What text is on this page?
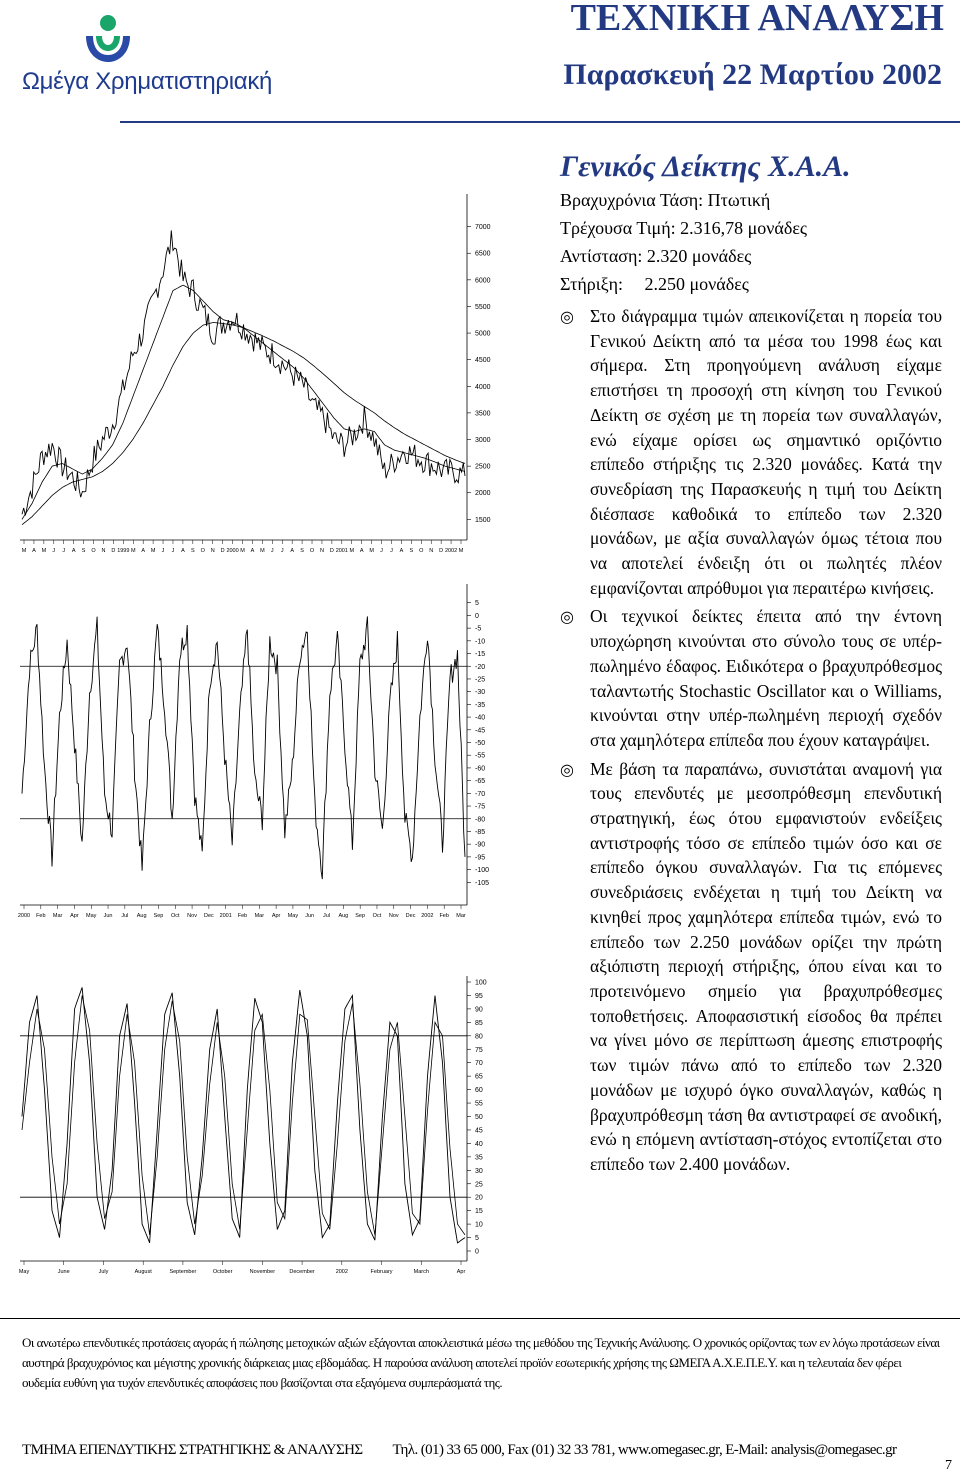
Ωμέγα Χρηματιστηριακή
ΤΕΧΝΙΚΗ ΑΝΑΛΥΣΗ
Παρασκευή 22 Μαρτίου 2002
7000
6500
6000
5500
5000
4500
4000
3500
3000
2500
2000
1500
M A M J J A S O N D 1999 M A M J J A S O N D 2000 M A M J J A S O N D 2001 M A M J J A S O N D 2002 M
5
0
-5
-10
-15
-20
-25
-30
-35
-40
-45
-50
-55
-60
-65
-70
-75
-80
-85
-90
-95
-100
-105
2000 Feb Mar Apr May Jun Jul Aug Sep Oct Nov Dec 2001 Feb Mar Apr May Jun Jul Aug Sep Oct Nov Dec 2002 Feb Mar
100
95
90
85
80
75
70
65
60
55
50
45
40
35
30
25
20
15
10
5
0
May	June	July	August	September	October	November	December	2002	February	March	Apr
Γενικός Δείκτης Χ.Α.Α.
Βραχυχρόνια Τάση: Πτωτική
Τρέχουσα Τιμή: 2.316,78 μονάδες
Αντίσταση: 2.320 μονάδες
Στήριξη: 2.250 μονάδες
◎ Στο διάγραμμα τιμών απεικονίζεται η πορεία του Γενικού Δείκτη από τα μέσα του 1998 έως και σήμερα. Στη προηγούμενη ανάλυση είχαμε επιστήσει τη προσοχή στη κίνηση του Γενικού Δείκτη σε σχέση με τη πορεία των συναλλαγών, ενώ είχαμε ορίσει ως σημαντικό οριζόντιο επίπεδο στήριξης τις 2.320 μονάδες. Κατά την συνεδρίαση της Παρασκευής η τιμή του Δείκτη διέσπασε καθοδικά το επίπεδο των 2.320 μονάδων, με αξία συναλλαγών όμως τέτοια που να αποτελεί ένδειξη ότι οι πωλητές πλέον εμφανίζονται απρόθυμοι για περαιτέρω κινήσεις.
◎ Οι τεχνικοί δείκτες έπειτα από την έντονη υποχώρηση κινούνται στο σύνολο τους σε υπέρ-πωλημένο έδαφος. Ειδικότερα ο βραχυπρόθεσμος ταλαντωτής Stochastic Oscillator και ο Williams, κινούνται στην υπέρ-πωλημένη περιοχή σχεδόν στα χαμηλότερα επίπεδα που έχουν καταγράψει.
◎ Με βάση τα παραπάνω, συνιστάται αναμονή για τους επενδυτές με μεσοπρόθεσμη επενδυτική στρατηγική, έως ότου εμφανιστούν ενδείξεις αντιστροφής τόσο σε επίπεδο τιμών όσο και σε επίπεδο όγκου συναλλαγών. Για τις επόμενες συνεδριάσεις ενδέχεται η τιμή του Δείκτη να κινηθεί προς χαμηλότερα επίπεδα τιμών, ενώ το επίπεδο των 2.250 μονάδων ορίζει την πρώτη αξιόπιστη περιοχή στήριξης, όπου είναι και το προτεινόμενο σημείο για βραχυπρόθεσμες τοποθετήσεις. Αποφασιστική είσοδος θα πρέπει να γίνει μόνο σε περίπτωση άμεσης επιστροφής των τιμών πάνω από το επίπεδο των 2.320 μονάδων με ισχυρό όγκο συναλλαγών, καθώς η βραχυπρόθεσμη τάση θα αντιστραφεί σε ανοδική, ενώ η επόμενη αντίσταση-στόχος εντοπίζεται στο επίπεδο των 2.400 μονάδων.
Οι ανωτέρω επενδυτικές προτάσεις αγοράς ή πώλησης μετοχικών αξιών εξάγονται αποκλειστικά μέσω της μεθόδου της Τεχνικής Ανάλυσης. Ο χρονικός ορίζοντας των εν λόγω προτάσεων είναι αυστηρά βραχυχρόνιος και μέγιστης χρονικής διάρκειας μιας εβδομάδας. Η παρούσα ανάλυση αποτελεί προϊόν εσωτερικής χρήσης της ΩΜΕΓΑ Α.Χ.Ε.Π.Ε.Υ. και η τελευταία δεν φέρει ουδεμία ευθύνη για τυχόν επενδυτικές αποφάσεις που βασίζονται στα εξαγόμενα συμπεράσματά της.
ΤΜΗΜΑ ΕΠΕΝΔΥΤΙΚΗΣ ΣΤΡΑΤΗΓΙΚΗΣ & ΑΝΑΛΥΣΗΣ Τηλ. (01) 33 65 000, Fax (01) 32 33 781, www.omegasec.gr, E-Mail: analysis@omegasec.gr
7
